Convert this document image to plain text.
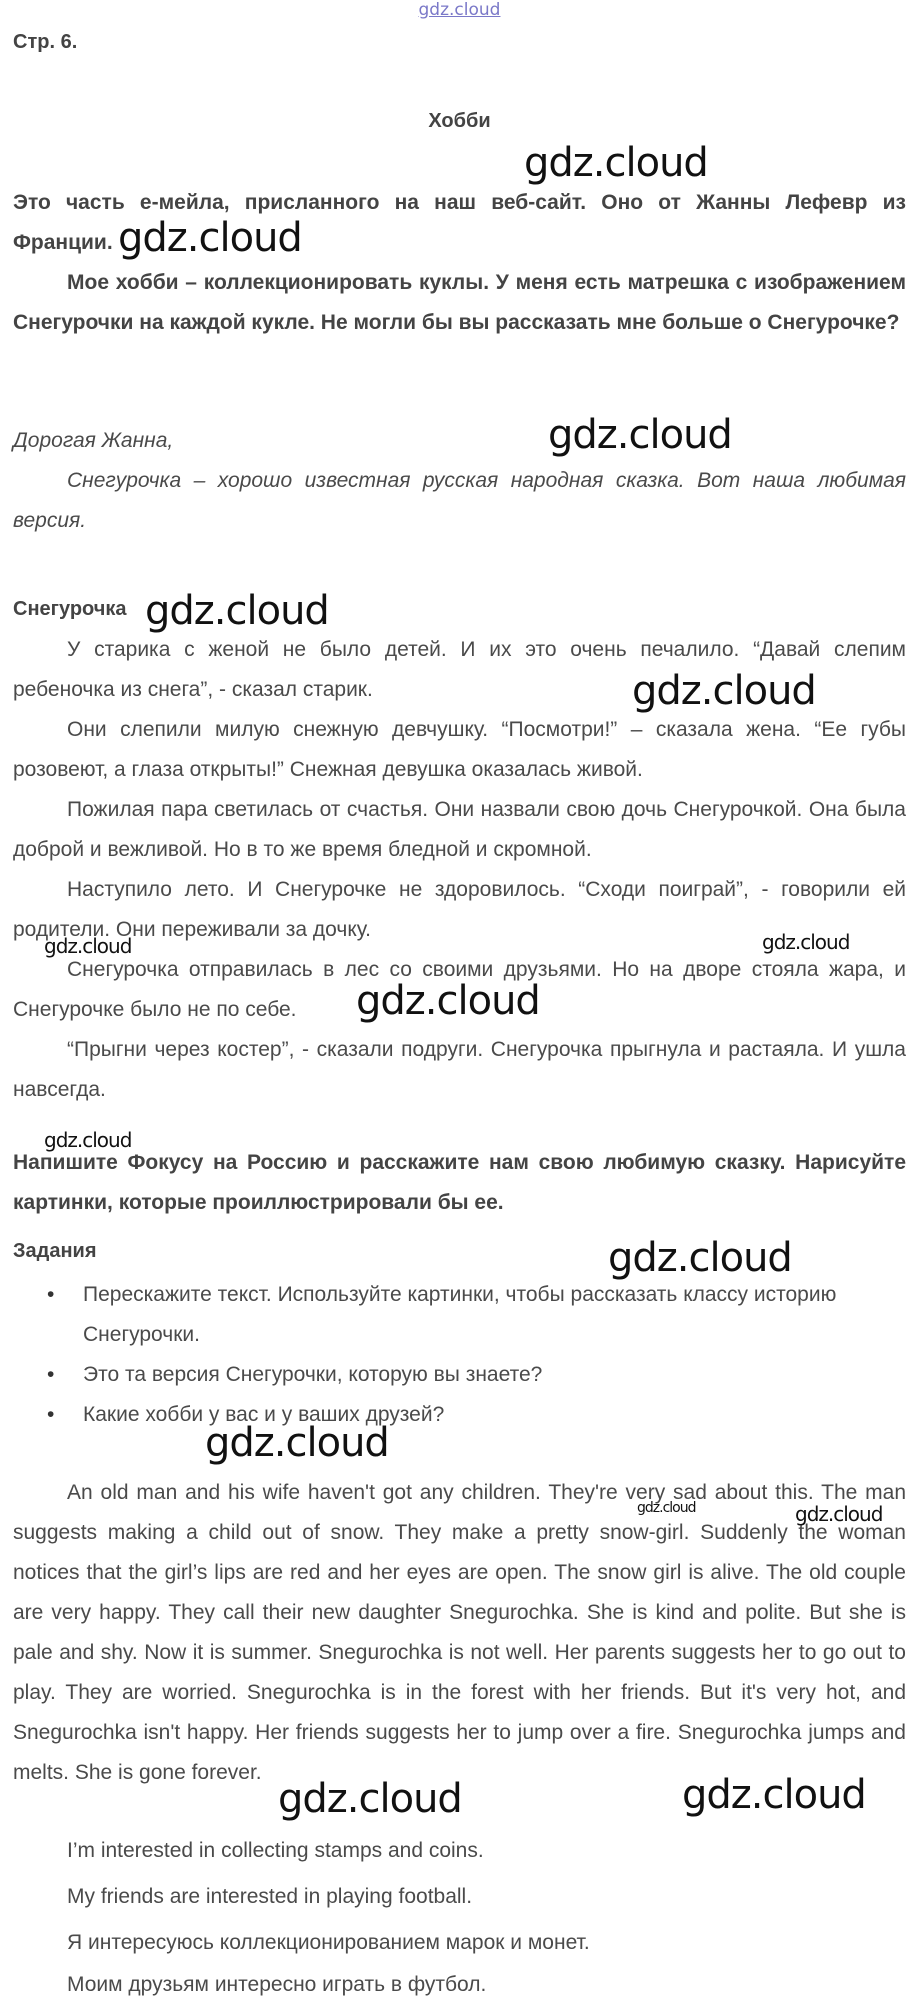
gdz.cloud
Стр. 6.
Хобби

Это часть е-мейла, присланного на наш веб-сайт. Оно от Жанны Лефевр из Франции.

Мое хобби – коллекционировать куклы. У меня есть матрешка с изображением Снегурочки на каждой кукле. Не могли бы вы рассказать мне больше о Снегурочке?

Дорогая Жанна,

Снегурочка – хорошо известная русская народная сказка. Вот наша любимая версия.

Снегурочка

У старика с женой не было детей. И их это очень печалило. “Давай слепим ребеночка из снега”, - сказал старик.

Они слепили милую снежную девчушку. “Посмотри!” – сказала жена. “Ее губы розовеют, а глаза открыты!” Снежная девушка оказалась живой.

Пожилая пара светилась от счастья. Они назвали свою дочь Снегурочкой. Она была доброй и вежливой. Но в то же время бледной и скромной.

Наступило лето. И Снегурочке не здоровилось. “Сходи поиграй”, - говорили ей родители. Они переживали за дочку.

Снегурочка отправилась в лес со своими друзьями. Но на дворе стояла жара, и Снегурочке было не по себе.

“Прыгни через костер”, - сказали подруги. Снегурочка прыгнула и растаяла. И ушла навсегда.

Напишите Фокусу на Россию и расскажите нам свою любимую сказку. Нарисуйте картинки, которые проиллюстрировали бы ее.
Задания
• Перескажите текст. Используйте картинки, чтобы рассказать классу историю Снегурочки.
• Это та версия Снегурочки, которую вы знаете?
• Какие хобби у вас и у ваших друзей?
An old man and his wife haven't got any children. They're very sad about this. The man suggests making a child out of snow. They make a pretty snow-girl. Suddenly the woman notices that the girl’s lips are red and her eyes are open. The snow girl is alive. The old couple are very happy. They call their new daughter Snegurochka. She is kind and polite. But she is pale and shy. Now it is summer. Snegurochka is not well. Her parents suggests her to go out to play. They are worried. Snegurochka is in the forest with her friends. But it's very hot, and Snegurochka isn't happy. Her friends suggests her to jump over a fire. Snegurochka jumps and melts. She is gone forever.
I’m interested in collecting stamps and coins.
My friends are interested in playing football.
Я интересуюсь коллекционированием марок и монет.
Моим друзьям интересно играть в футбол.
gdz.cloud
gdz.cloud
gdz.cloud
gdz.cloud
gdz.cloud
gdz.cloud	gdz.cloud
gdz.cloud
gdz.cloud
gdz.cloud
gdz.cloud
gdz.cloud	gdz.cloud
gdz.cloud	gdz.cloud
